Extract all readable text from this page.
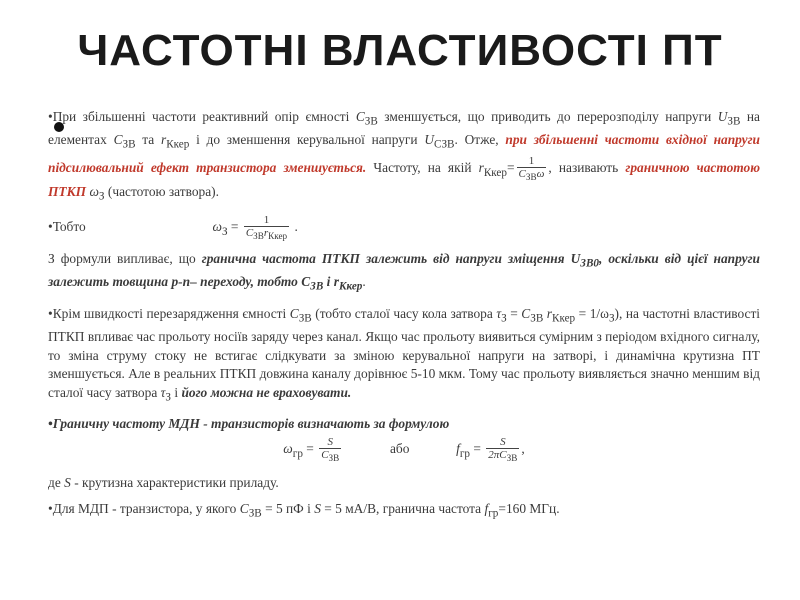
ЧАСТОТНІ ВЛАСТИВОСТІ ПТ

•При збільшенні частоти реактивний опір ємності $C_{ЗВ}$ зменшується, що приводить до перерозподілу напруги $U_{ЗВ}$ на елементах $C_{ЗВ}$ та $r_{Ккер}$ і до зменшення керувальної напруги $U_{СЗВ}$. Отже, при збільшенні частоти вхідної напруги підсилювальний ефект транзистора зменшується. Частоту, на якій $r_{Ккер}= \frac{1}{C_{ЗВ}\omega}$ , називають граничною частотою ПТКП $\omega_З$ (частотою затвора).

•Тобто	$\omega_З = \frac{1}{C_{ЗВ}r_{Ккер}}$ .

З формули випливає, що гранична частота ПТКП залежить від напруги зміщення $U_{ЗВ0}$, оскільки від цієї напруги залежить товщина p-n– переходу, тобто $C_{ЗВ}$ і $r_{Ккер}$.

•Крім швидкості перезарядження ємності $C_{ЗВ}$ (тобто сталої часу кола затвора $\tau_З = C_{ЗВ}$ $r_{Ккер} = 1/\omega_З$), на частотні властивості ПТКП впливає час прольоту носіїв заряду через канал. Якщо час прольоту виявиться сумірним з періодом вхідного сигналу, то зміна струму стоку не встигає слідкувати за зміною керувальної напруги на затворі, і динамічна крутизна ПТ зменшується. Але в реальних ПТКП довжина каналу дорівнює 5-10 мкм. Тому час прольоту виявляється значно меншим від сталої часу затвора $\tau_З$ і його можна не враховувати.

•Граничну частоту МДН - транзисторів визначають за формулою

$\omega_{гр} = \frac{S}{C_{ЗВ}}$	або	$f_{гр} = \frac{S}{2\pi C_{ЗВ}}$ ,

де S - крутизна характеристики приладу.

•Для МДП - транзистора, у якого $C_{ЗВ} = 5$ пФ і S = 5 мА/В, гранична частота $f_{гр}=160$ МГц.
